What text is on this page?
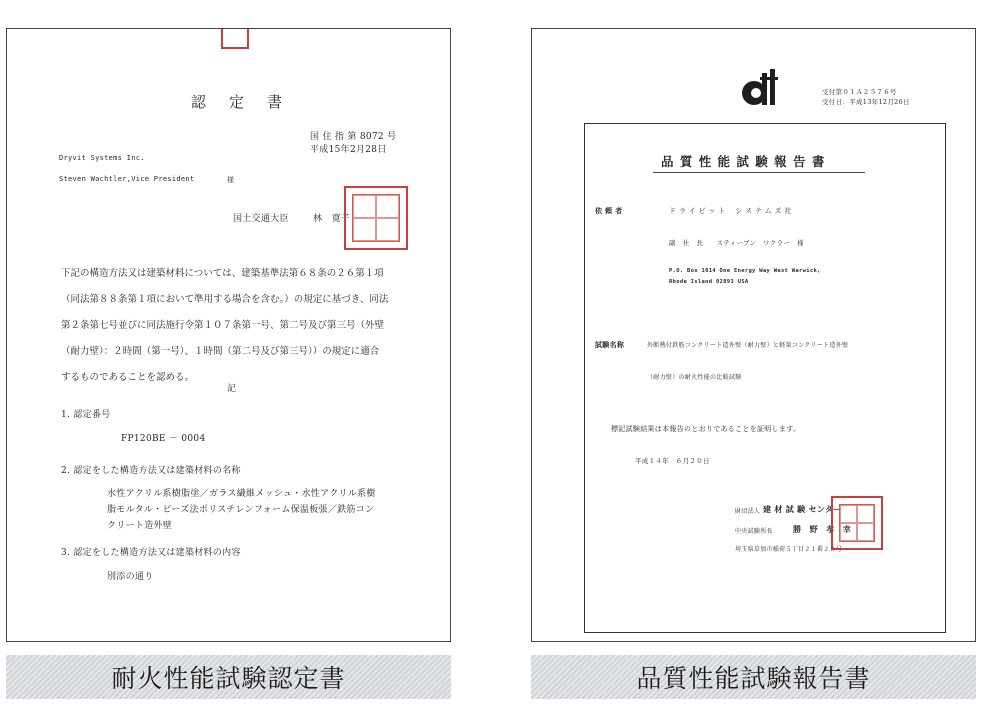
認　定　書
国 住 指 第 8072 号
平成15年2月28日
Dryvit Systems Inc.
Steven Wachtler,Vice President	様
国土交通大臣	林　寛子
下記の構造方法又は建築材料については、建築基準法第６８条の２６第１項
（同法第８８条第１項において準用する場合を含む。）の規定に基づき、同法
第２条第七号並びに同法施行令第１０７条第一号、第二号及び第三号（外壁
（耐力壁）：２時間（第一号）、１時間（第二号及び第三号））の規定に適合
するものであることを認める。
記
1. 認定番号
FP120BE － 0004
2. 認定をした構造方法又は建築材料の名称
水性アクリル系樹脂塗／ガラス繊維メッシュ・水性アクリル系樹
脂モルタル・ビーズ法ポリスチレンフォーム保温板張／鉄筋コン
クリート造外壁
3. 認定をした構造方法又は建築材料の内容
別添の通り
受付第０１Ａ２５７６号
受付日：平成13年12月26日
品 質 性 能 試 験 報 告 書
依 頼 者	ド ラ イ ビ ッ ト　 シ ス テ ム ズ 社
副　社　長　　スティーブン　ワクラー　様
P.O. Box 1014 One Energy Way West Warwick,
Rhode Island 02893 USA
試験名称	外断熱付鉄筋コンクリート造外壁（耐力壁）と軽量コンクリート造外壁
（耐力壁）の耐火性能の比較試験
標記試験結果は本報告のとおりであることを証明します。
平成１４年　６月２０日
財団法人 建 材 試 験 センター
中央試験所長	勝　野　孝　幸
埼玉県草加市稲荷５丁目２１番２０号
耐火性能試験認定書	品質性能試験報告書
